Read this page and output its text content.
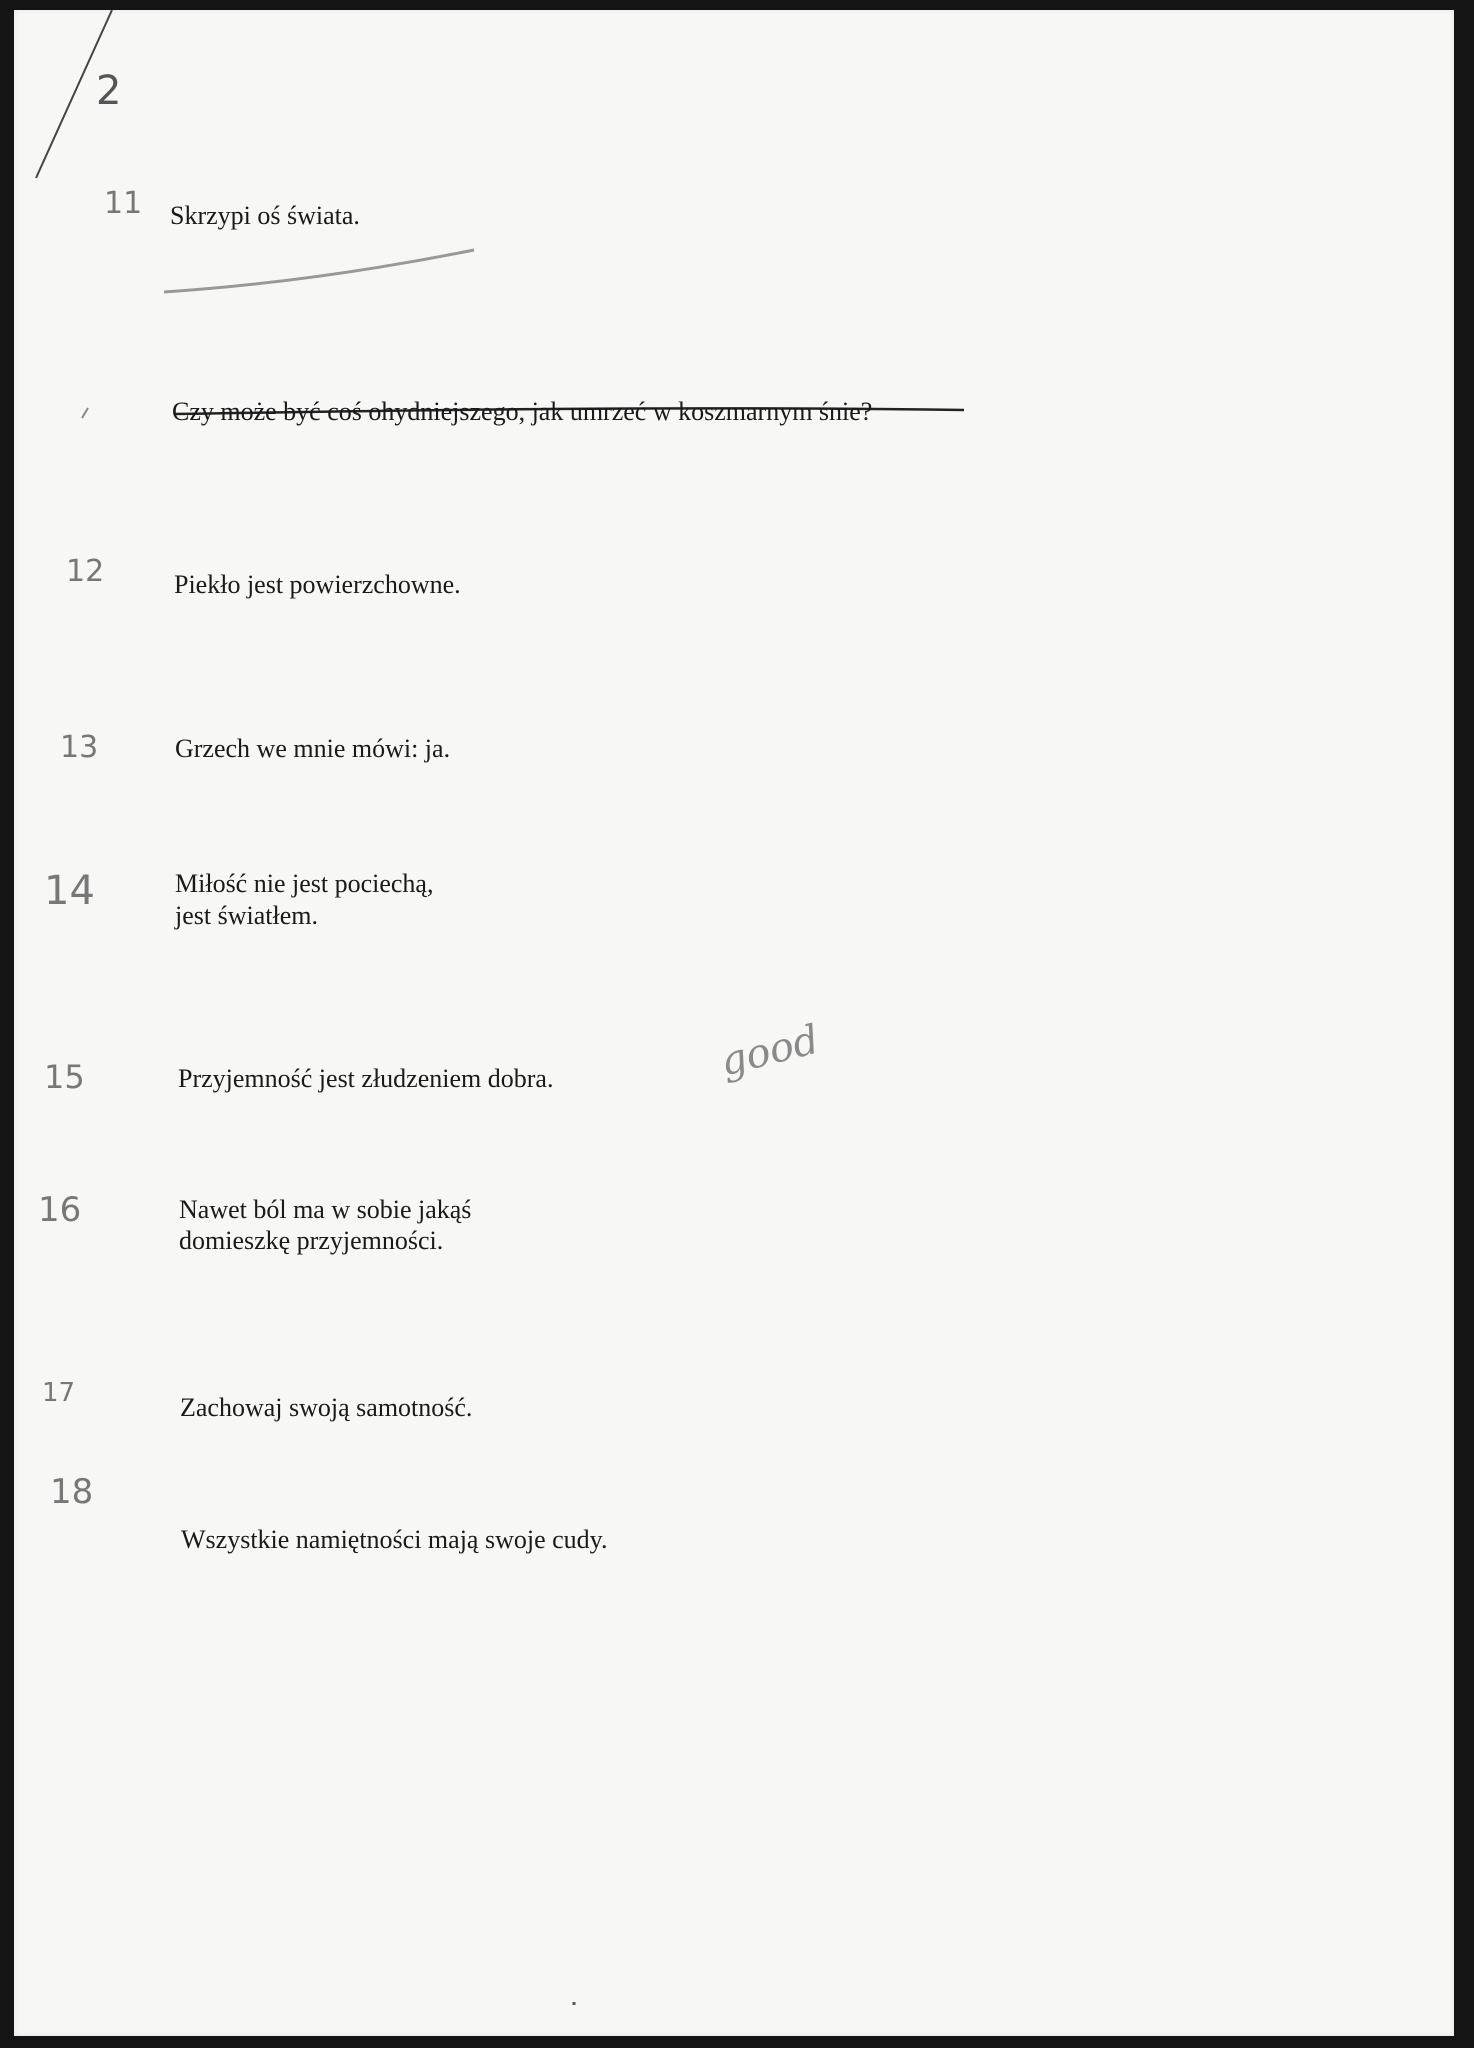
2
11 Skrzypi oś świata.
Czy może być coś ohydniejszego, jak umrzeć w koszmarnym śnie?
12	Piekło jest powierzchowne.
13	Grzech we mnie mówi: ja.
14	Miłość nie jest pociechą,
jest światłem.
15	Przyjemność jest złudzeniem dobra.	good
16	Nawet ból ma w sobie jakąś
domieszkę przyjemności.
17	Zachowaj swoją samotność.
18
Wszystkie namiętności mają swoje cudy.
